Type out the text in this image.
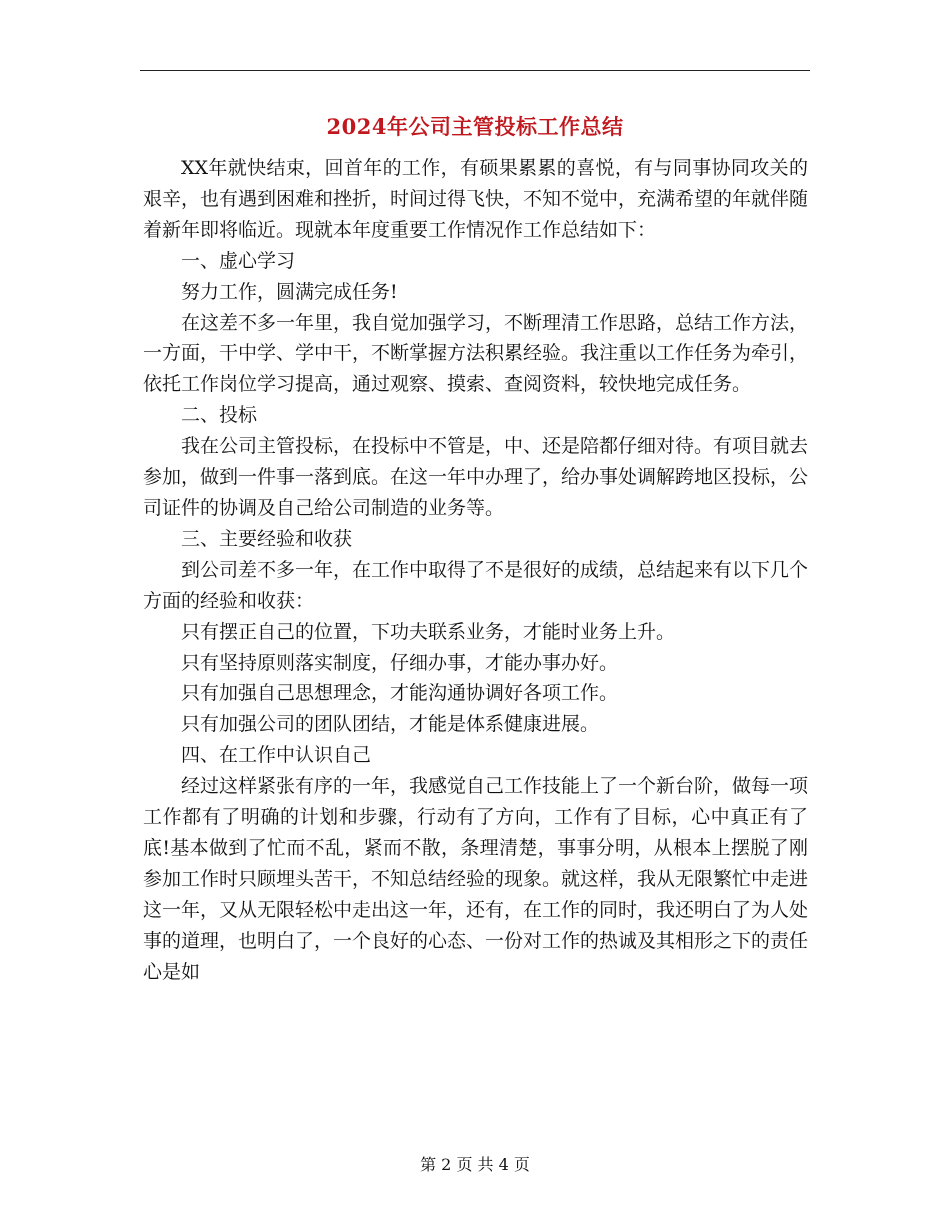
2024年公司主管投标工作总结

XX年就快结束，回首年的工作，有硕果累累的喜悦，有与同事协同攻关的艰辛，也有遇到困难和挫折，时间过得飞快，不知不觉中，充满希望的年就伴随着新年即将临近。现就本年度重要工作情况作工作总结如下：

一、虚心学习

努力工作，圆满完成任务!

在这差不多一年里，我自觉加强学习，不断理清工作思路，总结工作方法，一方面，干中学、学中干，不断掌握方法积累经验。我注重以工作任务为牵引，依托工作岗位学习提高，通过观察、摸索、查阅资料，较快地完成任务。

二、投标

我在公司主管投标，在投标中不管是，中、还是陪都仔细对待。有项目就去参加，做到一件事一落到底。在这一年中办理了，给办事处调解跨地区投标，公司证件的协调及自己给公司制造的业务等。

三、主要经验和收获

到公司差不多一年，在工作中取得了不是很好的成绩，总结起来有以下几个方面的经验和收获：

只有摆正自己的位置，下功夫联系业务，才能时业务上升。

只有坚持原则落实制度，仔细办事，才能办事办好。

只有加强自己思想理念，才能沟通协调好各项工作。

只有加强公司的团队团结，才能是体系健康进展。

四、在工作中认识自己

经过这样紧张有序的一年，我感觉自己工作技能上了一个新台阶，做每一项工作都有了明确的计划和步骤，行动有了方向，工作有了目标，心中真正有了底!基本做到了忙而不乱，紧而不散，条理清楚，事事分明，从根本上摆脱了刚参加工作时只顾埋头苦干，不知总结经验的现象。就这样，我从无限繁忙中走进这一年，又从无限轻松中走出这一年，还有，在工作的同时，我还明白了为人处事的道理，也明白了，一个良好的心态、一份对工作的热诚及其相形之下的责任心是如

第 2 页 共 4 页
